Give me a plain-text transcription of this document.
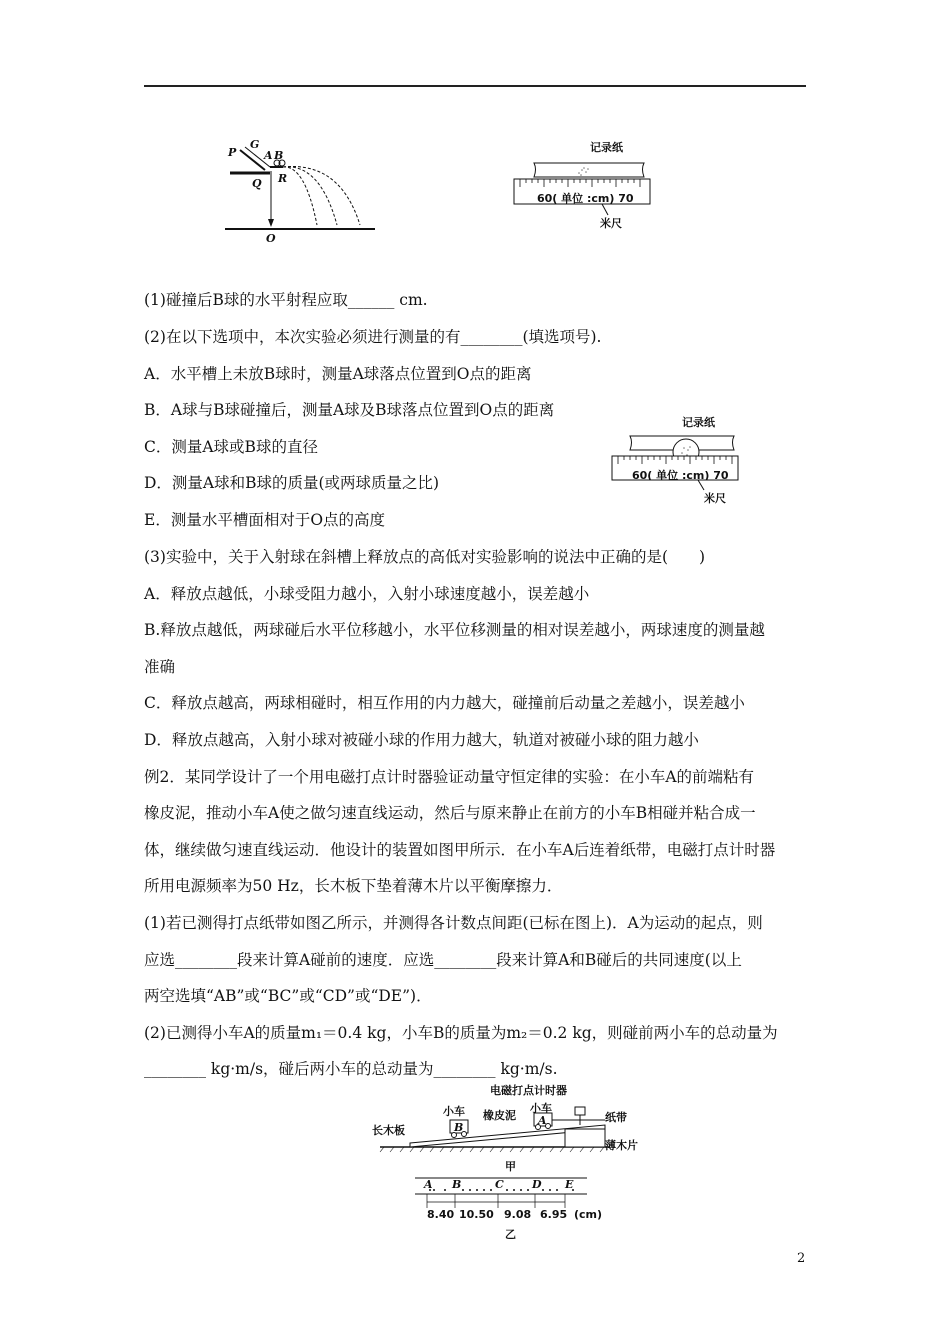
P
G
A B
Q R
O
记录纸
60( 单位 :cm) 70
米尺
(1)碰撞后B球的水平射程应取______ cm.
(2)在以下选项中，本次实验必须进行测量的有________(填选项号).
A．水平槽上未放B球时，测量A球落点位置到O点的距离
B．A球与B球碰撞后，测量A球及B球落点位置到O点的距离
C．测量A球或B球的直径
D．测量A球和B球的质量(或两球质量之比)
E．测量水平槽面相对于O点的高度
记录纸
60( 单位 :cm) 70
米尺
(3)实验中，关于入射球在斜槽上释放点的高低对实验影响的说法中正确的是(　　)
A．释放点越低，小球受阻力越小，入射小球速度越小，误差越小
B.释放点越低，两球碰后水平位移越小，水平位移测量的相对误差越小，两球速度的测量越
准确
C．释放点越高，两球相碰时，相互作用的内力越大，碰撞前后动量之差越小，误差越小
D．释放点越高，入射小球对被碰小球的作用力越大，轨道对被碰小球的阻力越小
例2．某同学设计了一个用电磁打点计时器验证动量守恒定律的实验：在小车A的前端粘有
橡皮泥，推动小车A使之做匀速直线运动，然后与原来静止在前方的小车B相碰并粘合成一
体，继续做匀速直线运动．他设计的装置如图甲所示．在小车A后连着纸带，电磁打点计时器
所用电源频率为50 Hz，长木板下垫着薄木片以平衡摩擦力．
(1)若已测得打点纸带如图乙所示，并测得各计数点间距(已标在图上)．A为运动的起点，则
应选________段来计算A碰前的速度．应选________段来计算A和B碰后的共同速度(以上
两空选填“AB”或“BC”或“CD”或“DE”)．
(2)已测得小车A的质量m₁＝0.4 kg，小车B的质量为m₂＝0.2 kg，则碰前两小车的总动量为
________ kg·m/s，碰后两小车的总动量为________ kg·m/s.
电磁打点计时器
小车 橡皮泥
小车
纸带
长木板
薄木片
B
A
甲
A B	C	D E
8.40 10.50 9.08 6.95 (cm)
乙
2
